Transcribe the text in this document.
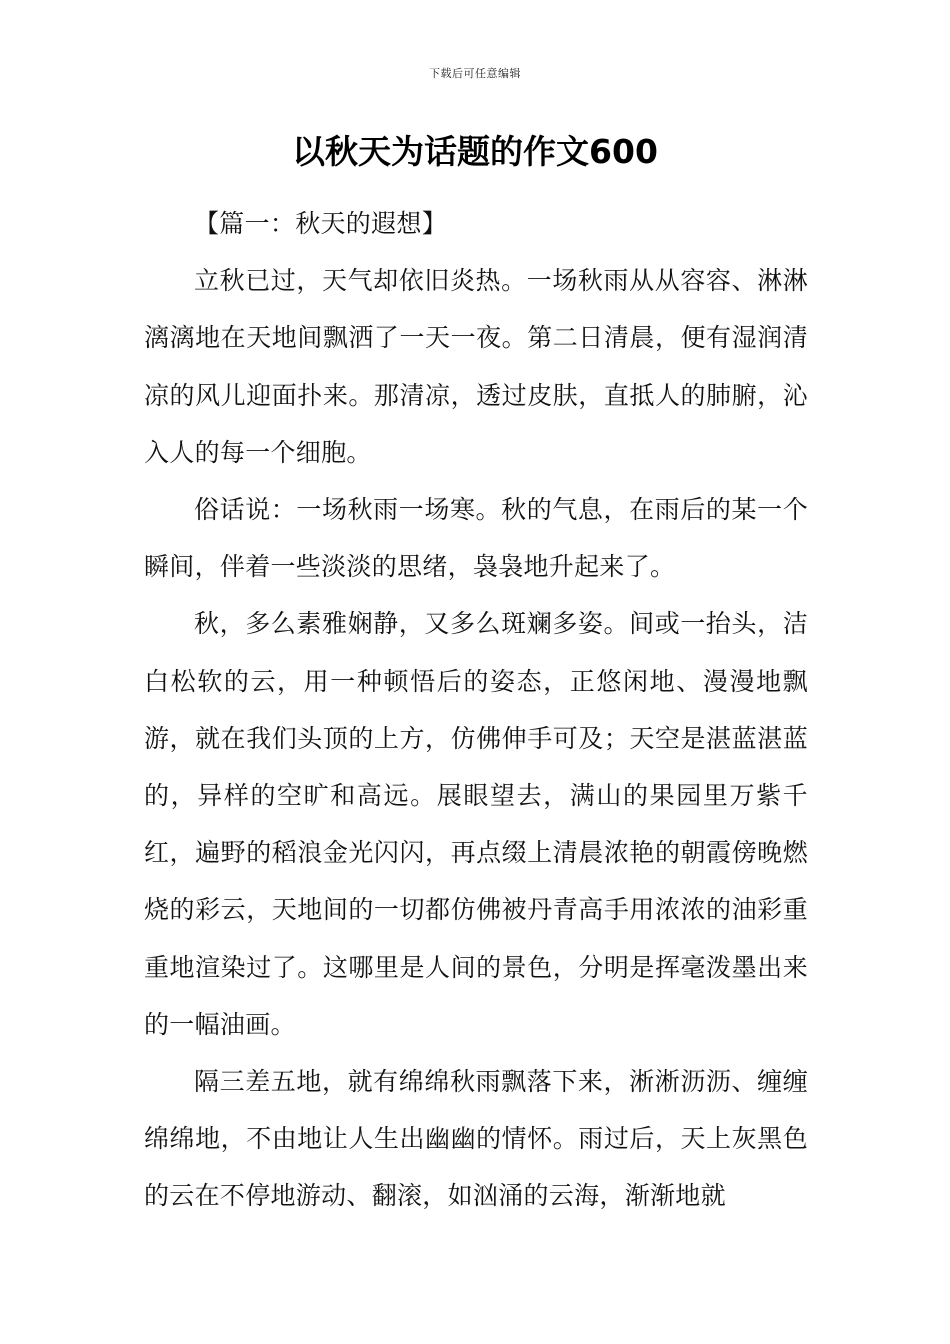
下载后可任意编辑
以秋天为话题的作文600

【篇一：秋天的遐想】

立秋已过，天气却依旧炎热。一场秋雨从从容容、淋淋漓漓地在天地间飘洒了一天一夜。第二日清晨，便有湿润清凉的风儿迎面扑来。那清凉，透过皮肤，直抵人的肺腑，沁入人的每一个细胞。

俗话说：一场秋雨一场寒。秋的气息，在雨后的某一个瞬间，伴着一些淡淡的思绪，袅袅地升起来了。

秋，多么素雅娴静，又多么斑斓多姿。间或一抬头，洁白松软的云，用一种顿悟后的姿态，正悠闲地、漫漫地飘游，就在我们头顶的上方，仿佛伸手可及；天空是湛蓝湛蓝的，异样的空旷和高远。展眼望去，满山的果园里万紫千红，遍野的稻浪金光闪闪，再点缀上清晨浓艳的朝霞傍晚燃烧的彩云，天地间的一切都仿佛被丹青高手用浓浓的油彩重重地渲染过了。这哪里是人间的景色，分明是挥毫泼墨出来的一幅油画。

隔三差五地，就有绵绵秋雨飘落下来，淅淅沥沥、缠缠绵绵地，不由地让人生出幽幽的情怀。雨过后，天上灰黑色的云在不停地游动、翻滚，如汹涌的云海，渐渐地就
